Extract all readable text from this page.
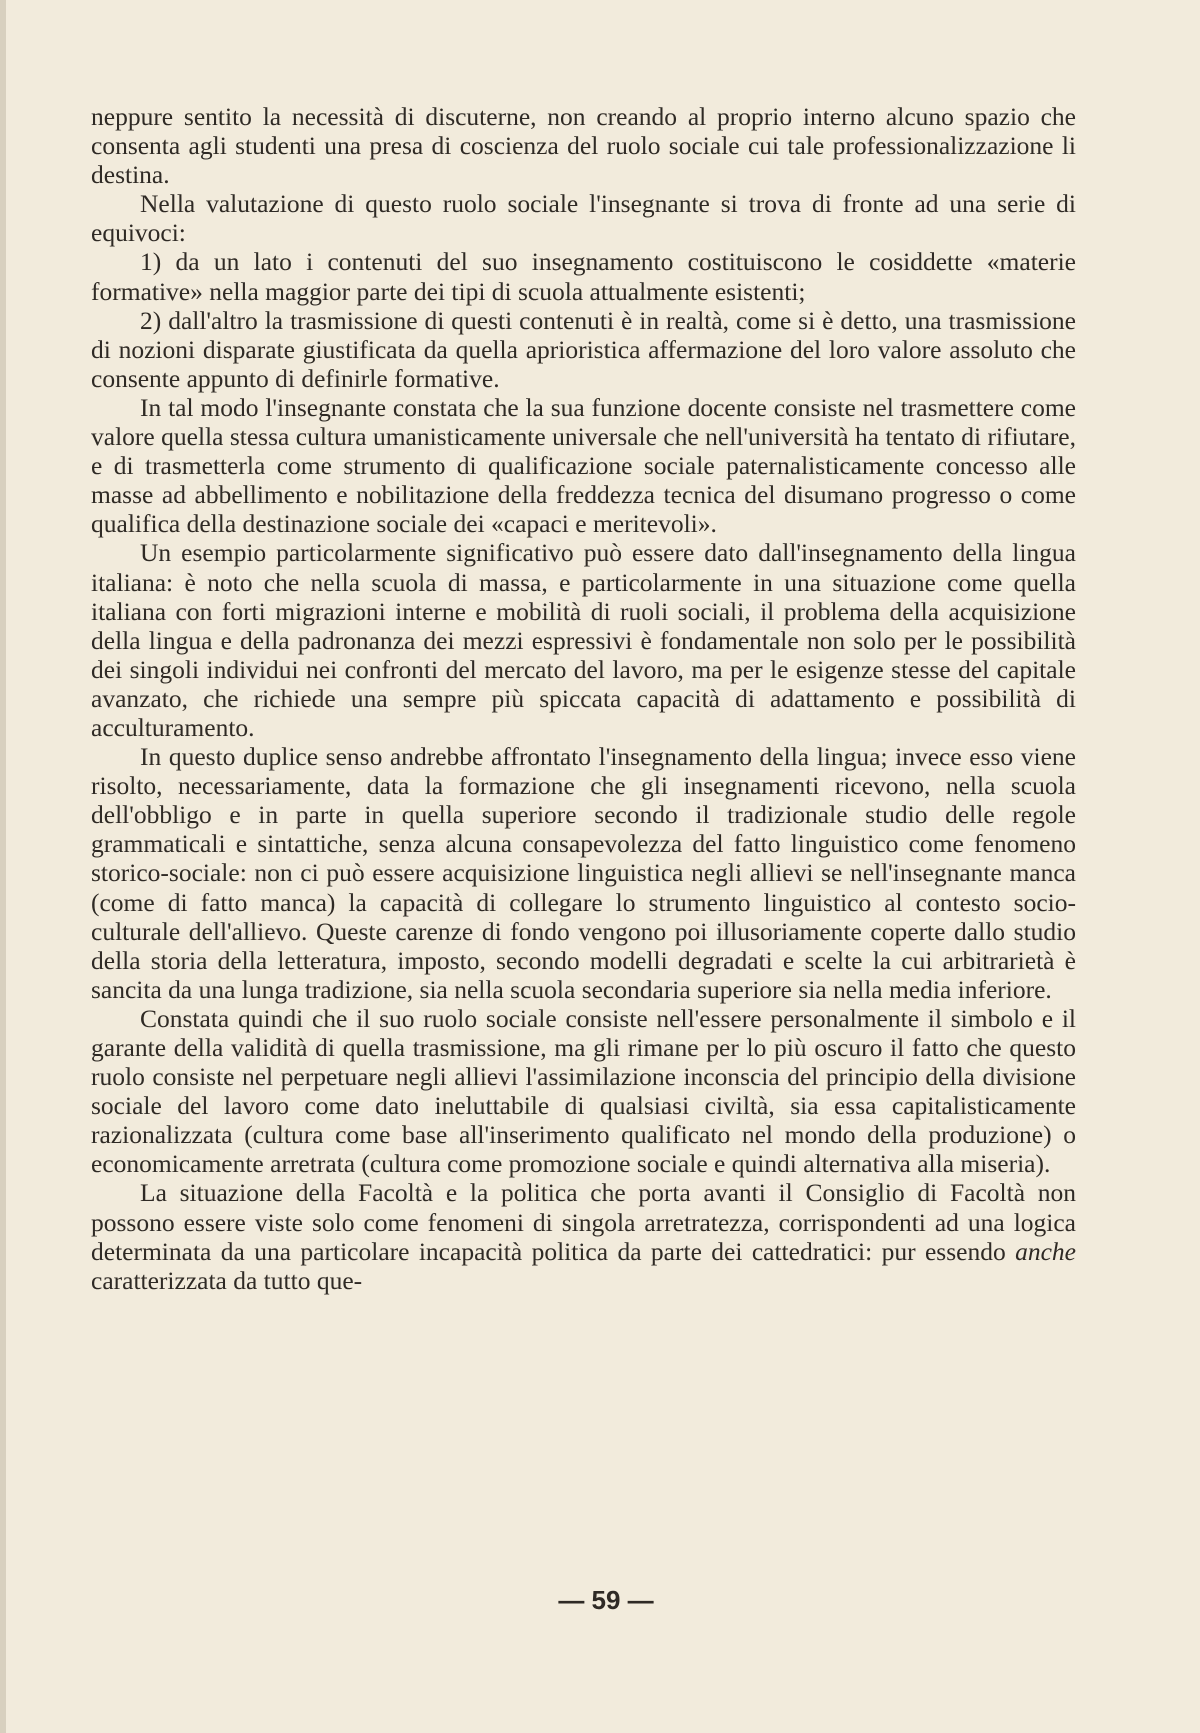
neppure sentito la necessità di discuterne, non creando al proprio interno alcuno spazio che consenta agli studenti una presa di coscienza del ruolo sociale cui tale professionalizzazione li destina.

Nella valutazione di questo ruolo sociale l'insegnante si trova di fronte ad una serie di equivoci:

1) da un lato i contenuti del suo insegnamento costituiscono le cosiddette «materie formative» nella maggior parte dei tipi di scuola attualmente esistenti;

2) dall'altro la trasmissione di questi contenuti è in realtà, come si è detto, una trasmissione di nozioni disparate giustificata da quella aprioristica affermazione del loro valore assoluto che consente appunto di definirle formative.

In tal modo l'insegnante constata che la sua funzione docente consiste nel trasmettere come valore quella stessa cultura umanisticamente universale che nell'università ha tentato di rifiutare, e di trasmetterla come strumento di qualificazione sociale paternalisticamente concesso alle masse ad abbellimento e nobilitazione della freddezza tecnica del disumano progresso o come qualifica della destinazione sociale dei «capaci e meritevoli».

Un esempio particolarmente significativo può essere dato dall'insegnamento della lingua italiana: è noto che nella scuola di massa, e particolarmente in una situazione come quella italiana con forti migrazioni interne e mobilità di ruoli sociali, il problema della acquisizione della lingua e della padronanza dei mezzi espressivi è fondamentale non solo per le possibilità dei singoli individui nei confronti del mercato del lavoro, ma per le esigenze stesse del capitale avanzato, che richiede una sempre più spiccata capacità di adattamento e possibilità di acculturamento.

In questo duplice senso andrebbe affrontato l'insegnamento della lingua; invece esso viene risolto, necessariamente, data la formazione che gli insegnamenti ricevono, nella scuola dell'obbligo e in parte in quella superiore secondo il tradizionale studio delle regole grammaticali e sintattiche, senza alcuna consapevolezza del fatto linguistico come fenomeno storico-sociale: non ci può essere acquisizione linguistica negli allievi se nell'insegnante manca (come di fatto manca) la capacità di collegare lo strumento linguistico al contesto socio-culturale dell'allievo. Queste carenze di fondo vengono poi illusoriamente coperte dallo studio della storia della letteratura, imposto, secondo modelli degradati e scelte la cui arbitrarietà è sancita da una lunga tradizione, sia nella scuola secondaria superiore sia nella media inferiore.

Constata quindi che il suo ruolo sociale consiste nell'essere personalmente il simbolo e il garante della validità di quella trasmissione, ma gli rimane per lo più oscuro il fatto che questo ruolo consiste nel perpetuare negli allievi l'assimilazione inconscia del principio della divisione sociale del lavoro come dato ineluttabile di qualsiasi civiltà, sia essa capitalisticamente razionalizzata (cultura come base all'inserimento qualificato nel mondo della produzione) o economicamente arretrata (cultura come promozione sociale e quindi alternativa alla miseria).

La situazione della Facoltà e la politica che porta avanti il Consiglio di Facoltà non possono essere viste solo come fenomeni di singola arretratezza, corrispondenti ad una logica determinata da una particolare incapacità politica da parte dei cattedratici: pur essendo anche caratterizzata da tutto que-

— 59 —
